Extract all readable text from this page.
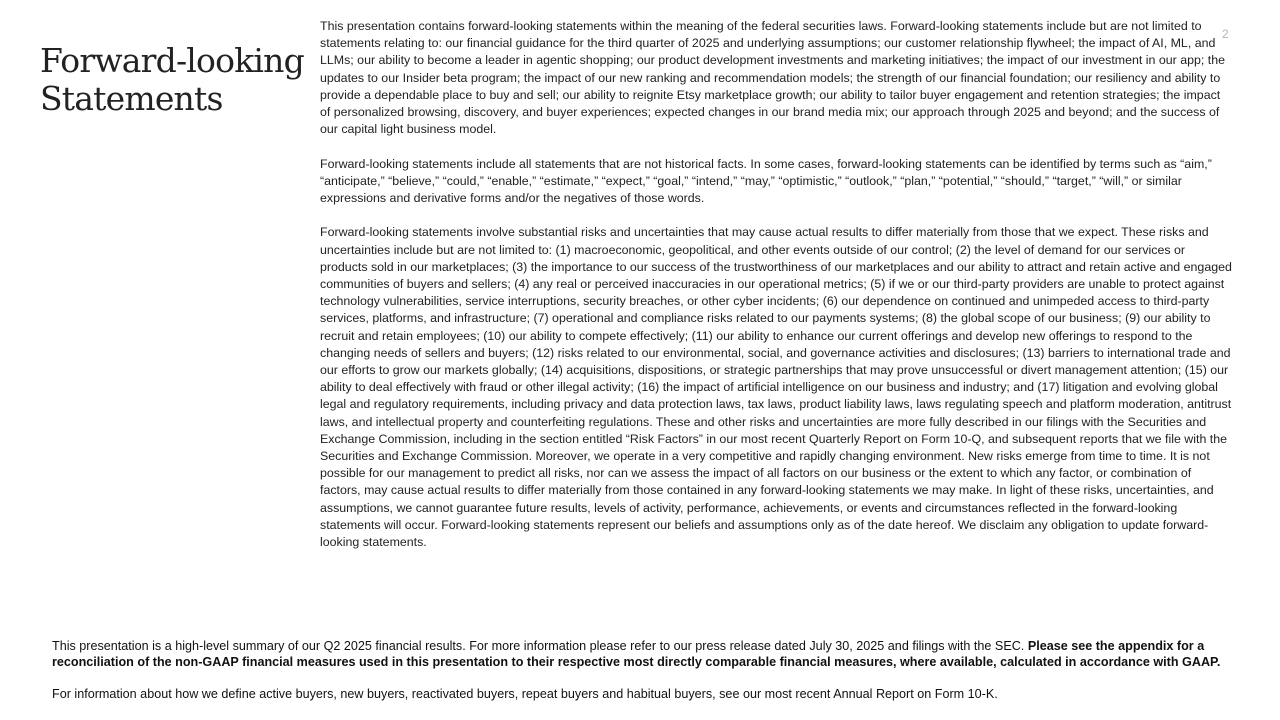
Forward-looking Statements
2

This presentation contains forward-looking statements within the meaning of the federal securities laws. Forward-looking statements include but are not limited to statements relating to: our financial guidance for the third quarter of 2025 and underlying assumptions; our customer relationship flywheel; the impact of AI, ML, and LLMs; our ability to become a leader in agentic shopping; our product development investments and marketing initiatives; the impact of our investment in our app; the updates to our Insider beta program; the impact of our new ranking and recommendation models; the strength of our financial foundation; our resiliency and ability to provide a dependable place to buy and sell; our ability to reignite Etsy marketplace growth; our ability to tailor buyer engagement and retention strategies; the impact of personalized browsing, discovery, and buyer experiences; expected changes in our brand media mix; our approach through 2025 and beyond; and the success of our capital light business model.

Forward-looking statements include all statements that are not historical facts. In some cases, forward-looking statements can be identified by terms such as “aim,” “anticipate,” “believe,” “could,” “enable,” “estimate,” “expect,” “goal,” “intend,” “may,” “optimistic,” “outlook,” “plan,” “potential,” “should,” “target,” “will,” or similar expressions and derivative forms and/or the negatives of those words.

Forward-looking statements involve substantial risks and uncertainties that may cause actual results to differ materially from those that we expect. These risks and uncertainties include but are not limited to: (1) macroeconomic, geopolitical, and other events outside of our control; (2) the level of demand for our services or products sold in our marketplaces; (3) the importance to our success of the trustworthiness of our marketplaces and our ability to attract and retain active and engaged communities of buyers and sellers; (4) any real or perceived inaccuracies in our operational metrics; (5) if we or our third-party providers are unable to protect against technology vulnerabilities, service interruptions, security breaches, or other cyber incidents; (6) our dependence on continued and unimpeded access to third-party services, platforms, and infrastructure; (7) operational and compliance risks related to our payments systems; (8) the global scope of our business; (9) our ability to recruit and retain employees; (10) our ability to compete effectively; (11) our ability to enhance our current offerings and develop new offerings to respond to the changing needs of sellers and buyers; (12) risks related to our environmental, social, and governance activities and disclosures; (13) barriers to international trade and our efforts to grow our markets globally; (14) acquisitions, dispositions, or strategic partnerships that may prove unsuccessful or divert management attention; (15) our ability to deal effectively with fraud or other illegal activity; (16) the impact of artificial intelligence on our business and industry; and (17) litigation and evolving global legal and regulatory requirements, including privacy and data protection laws, tax laws, product liability laws, laws regulating speech and platform moderation, antitrust laws, and intellectual property and counterfeiting regulations. These and other risks and uncertainties are more fully described in our filings with the Securities and Exchange Commission, including in the section entitled “Risk Factors” in our most recent Quarterly Report on Form 10-Q, and subsequent reports that we file with the Securities and Exchange Commission. Moreover, we operate in a very competitive and rapidly changing environment. New risks emerge from time to time. It is not possible for our management to predict all risks, nor can we assess the impact of all factors on our business or the extent to which any factor, or combination of factors, may cause actual results to differ materially from those contained in any forward-looking statements we may make. In light of these risks, uncertainties, and assumptions, we cannot guarantee future results, levels of activity, performance, achievements, or events and circumstances reflected in the forward-looking statements will occur. Forward-looking statements represent our beliefs and assumptions only as of the date hereof. We disclaim any obligation to update forward-looking statements.

This presentation is a high-level summary of our Q2 2025 financial results. For more information please refer to our press release dated July 30, 2025 and filings with the SEC. Please see the appendix for a reconciliation of the non-GAAP financial measures used in this presentation to their respective most directly comparable financial measures, where available, calculated in accordance with GAAP.

For information about how we define active buyers, new buyers, reactivated buyers, repeat buyers and habitual buyers, see our most recent Annual Report on Form 10-K.
